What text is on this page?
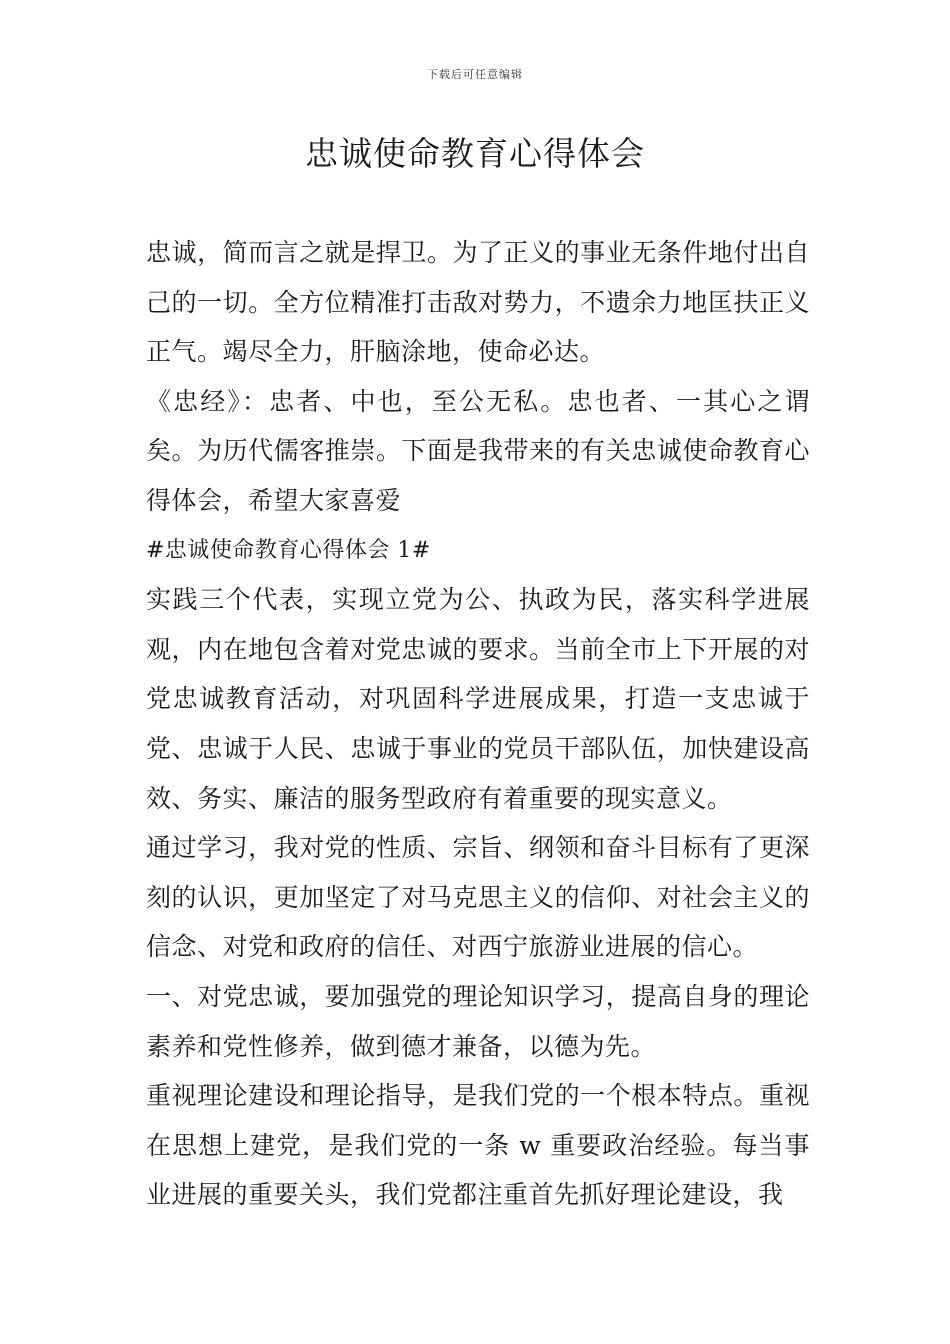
下载后可任意编辑
忠诚使命教育心得体会

忠诚，简而言之就是捍卫。为了正义的事业无条件地付出自己的一切。全方位精准打击敌对势力，不遗余力地匡扶正义正气。竭尽全力，肝脑涂地，使命必达。

《忠经》：忠者、中也，至公无私。忠也者、一其心之谓矣。为历代儒客推崇。下面是我带来的有关忠诚使命教育心得体会，希望大家喜爱

#忠诚使命教育心得体会 1#

实践三个代表，实现立党为公、执政为民，落实科学进展观，内在地包含着对党忠诚的要求。当前全市上下开展的对党忠诚教育活动，对巩固科学进展成果，打造一支忠诚于党、忠诚于人民、忠诚于事业的党员干部队伍，加快建设高效、务实、廉洁的服务型政府有着重要的现实意义。

通过学习，我对党的性质、宗旨、纲领和奋斗目标有了更深刻的认识，更加坚定了对马克思主义的信仰、对社会主义的信念、对党和政府的信任、对西宁旅游业进展的信心。

一、对党忠诚，要加强党的理论知识学习，提高自身的理论素养和党性修养，做到德才兼备，以德为先。

重视理论建设和理论指导，是我们党的一个根本特点。重视在思想上建党，是我们党的一条 w 重要政治经验。每当事业进展的重要关头，我们党都注重首先抓好理论建设，我
